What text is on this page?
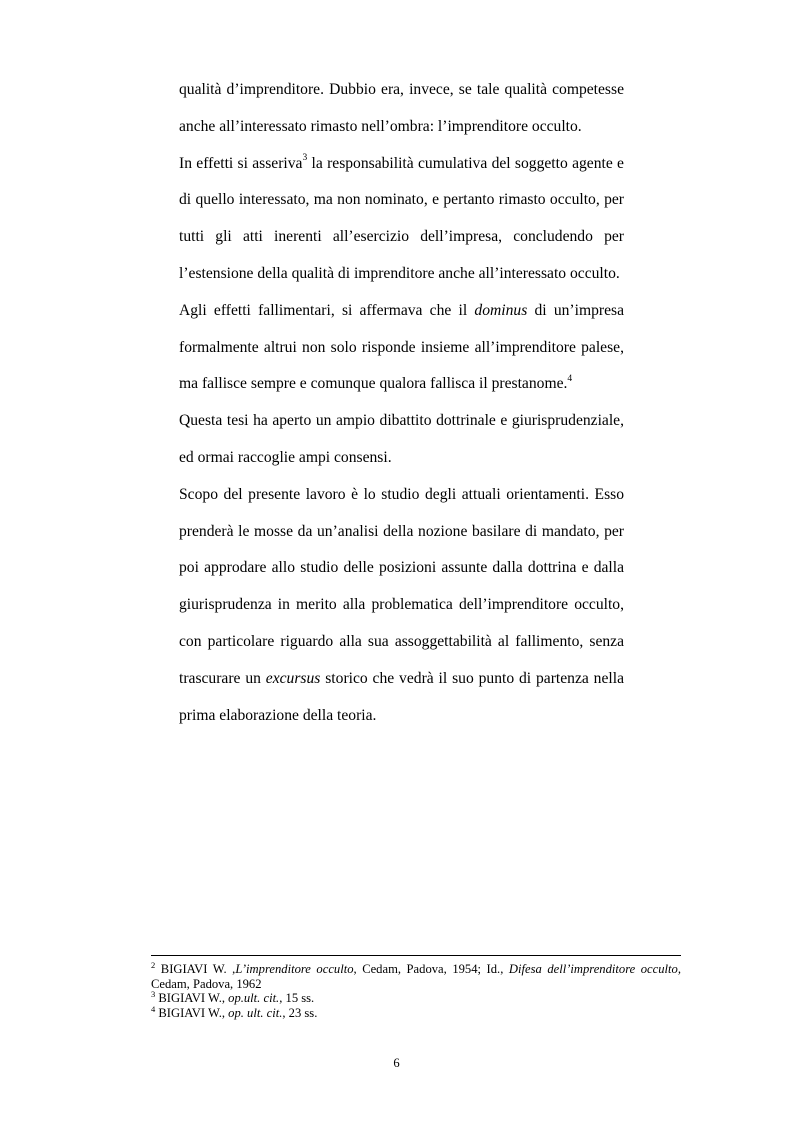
qualità d’imprenditore. Dubbio era, invece, se tale qualità competesse anche all’interessato rimasto nell’ombra: l’imprenditore occulto.

In effetti si asseriva$^3$ la responsabilità cumulativa del soggetto agente e di quello interessato, ma non nominato, e pertanto rimasto occulto, per tutti gli atti inerenti all’esercizio dell’impresa, concludendo per l’estensione della qualità di imprenditore anche all’interessato occulto.

Agli effetti fallimentari, si affermava che il dominus di un’impresa formalmente altrui non solo risponde insieme all’imprenditore palese, ma fallisce sempre e comunque qualora fallisca il prestanome.$^4$

Questa tesi ha aperto un ampio dibattito dottrinale e giurisprudenziale, ed ormai raccoglie ampi consensi.

Scopo del presente lavoro è lo studio degli attuali orientamenti. Esso prenderà le mosse da un’analisi della nozione basilare di mandato, per poi approdare allo studio delle posizioni assunte dalla dottrina e dalla giurisprudenza in merito alla problematica dell’imprenditore occulto, con particolare riguardo alla sua assoggettabilità al fallimento, senza trascurare un excursus storico che vedrà il suo punto di partenza nella prima elaborazione della teoria.

$^2$ BIGIAVI W. ,L’imprenditore occulto, Cedam, Padova, 1954; Id., Difesa dell’imprenditore occulto, Cedam, Padova, 1962

$^3$ BIGIAVI W., op.ult. cit., 15 ss.

$^4$ BIGIAVI W., op. ult. cit., 23 ss.

6
